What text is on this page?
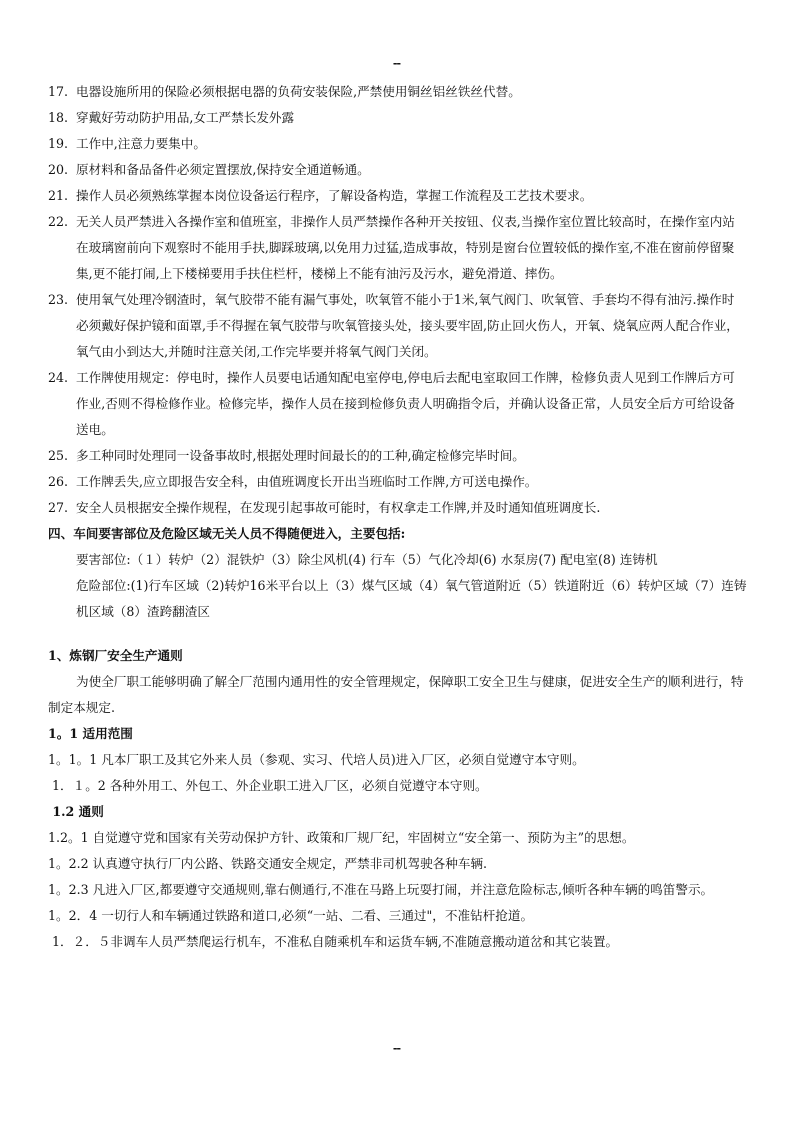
--
17. 电器设施所用的保险必须根据电器的负荷安装保险,严禁使用铜丝铝丝铁丝代替。
18. 穿戴好劳动防护用品,女工严禁长发外露
19. 工作中,注意力要集中。
20. 原材料和备品备件必须定置摆放,保持安全通道畅通。
21. 操作人员必须熟练掌握本岗位设备运行程序，了解设备构造，掌握工作流程及工艺技术要求。
22. 无关人员严禁进入各操作室和值班室，非操作人员严禁操作各种开关按钮、仪表,当操作室位置比较高时，在操作室内站在玻璃窗前向下观察时不能用手扶,脚踩玻璃,以免用力过猛,造成事故，特别是窗台位置较低的操作室,不准在窗前停留聚集,更不能打闹,上下楼梯要用手扶住栏杆，楼梯上不能有油污及污水，避免滑道、摔伤。
23. 使用氧气处理冷钢渣时，氧气胶带不能有漏气事处，吹氧管不能小于1米,氧气阀门、吹氧管、手套均不得有油污.操作时必须戴好保护镜和面罩,手不得握在氧气胶带与吹氧管接头处，接头要牢固,防止回火伤人，开氧、烧氧应两人配合作业，氧气由小到达大,并随时注意关闭,工作完毕要并将氧气阀门关闭。
24. 工作牌使用规定：停电时，操作人员要电话通知配电室停电,停电后去配电室取回工作牌，检修负责人见到工作牌后方可作业,否则不得检修作业。检修完毕，操作人员在接到检修负责人明确指令后，并确认设备正常，人员安全后方可给设备送电。
25. 多工种同时处理同一设备事故时,根据处理时间最长的的工种,确定检修完毕时间。
26. 工作牌丢失,应立即报告安全科，由值班调度长开出当班临时工作牌,方可送电操作。
27. 安全人员根据安全操作规程，在发现引起事故可能时，有权拿走工作牌,并及时通知值班调度长.
四、车间要害部位及危险区域无关人员不得随便进入，主要包括:
要害部位:（１）转炉（2）混铁炉（3）除尘风机(4) 行车（5）气化冷却(6) 水泵房(7) 配电室(8) 连铸机
危险部位:(1)行车区域（2)转炉16米平台以上（3）煤气区域（4）氧气管道附近（5）铁道附近（6）转炉区域（7）连铸机区域（8）渣跨翻渣区
1、炼钢厂安全生产通则
为使全厂职工能够明确了解全厂范围内通用性的安全管理规定，保障职工安全卫生与健康，促进安全生产的顺利进行，特制定本规定.
1。1 适用范围
1。1。1 凡本厂职工及其它外来人员（参观、实习、代培人员)进入厂区，必须自觉遵守本守则。
1．１。2 各种外用工、外包工、外企业职工进入厂区，必须自觉遵守本守则。
1.2 通则
1.2。1 自觉遵守党和国家有关劳动保护方针、政策和厂规厂纪，牢固树立“安全第一、预防为主”的思想。
1。2.2 认真遵守执行厂内公路、铁路交通安全规定，严禁非司机驾驶各种车辆.
1。2.3 凡进入厂区,都要遵守交通规则,靠右侧通行,不准在马路上玩耍打闹，并注意危险标志,倾听各种车辆的鸣笛警示。
1。2．4 一切行人和车辆通过铁路和道口,必须“一站、二看、三通过"，不准钻杆抢道。
1．２．５非调车人员严禁爬运行机车，不准私自随乘机车和运货车辆,不准随意搬动道岔和其它装置。
--
